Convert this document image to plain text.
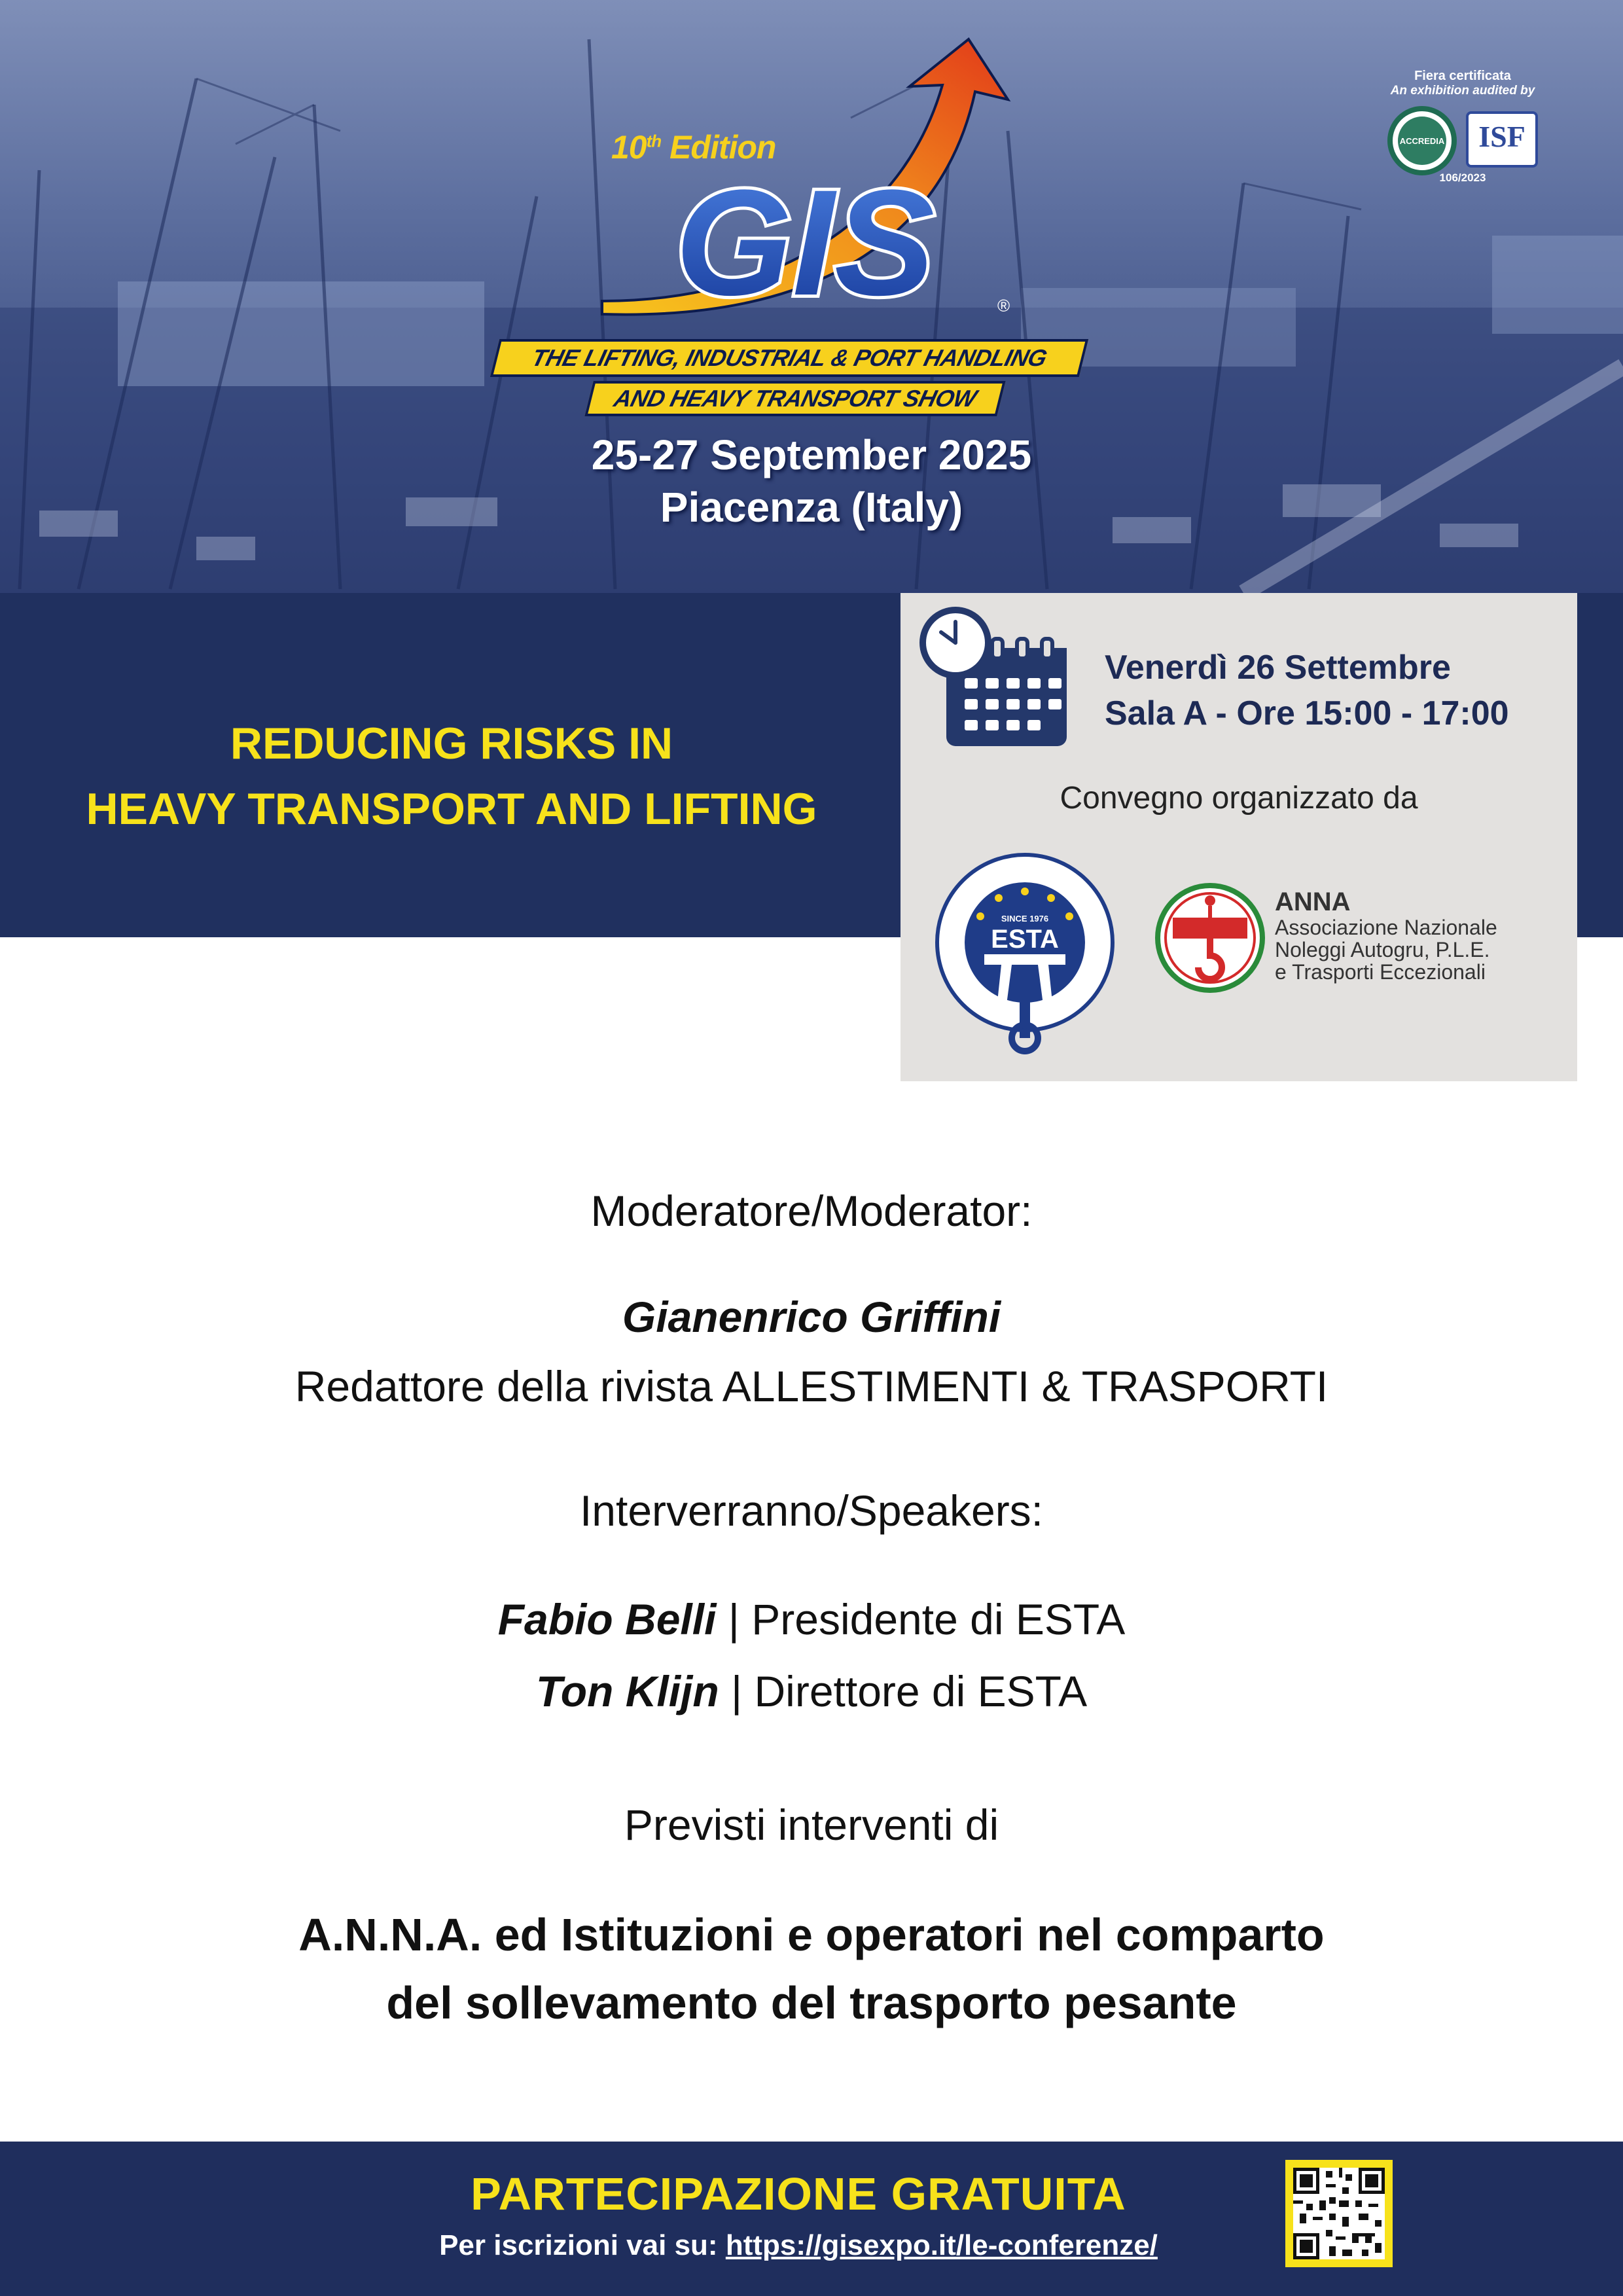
Fiera certificata
An exhibition audited by
ACCREDIA	ISF
106/2023
GIS	®
10th Edition
THE LIFTING, INDUSTRIAL & PORT HANDLING
AND HEAVY TRANSPORT SHOW
25-27 September 2025
Piacenza (Italy)
REDUCING RISKS IN
HEAVY TRANSPORT AND LIFTING
Venerdì 26 Settembre
Sala A - Ore 15:00 - 17:00
Convegno organizzato da
SINCE 1976
ESTA
ANNA
Associazione Nazionale
Noleggi Autogru, P.L.E.
e Trasporti Eccezionali
Moderatore/Moderator:
Gianenrico Griffini
Redattore della rivista ALLESTIMENTI & TRASPORTI
Interverranno/Speakers:
Fabio Belli | Presidente di ESTA
Ton Klijn | Direttore di ESTA
Previsti interventi di
A.N.N.A. ed Istituzioni e operatori nel comparto
del sollevamento del trasporto pesante
PARTECIPAZIONE GRATUITA
Per iscrizioni vai su: https://gisexpo.it/le-conferenze/
